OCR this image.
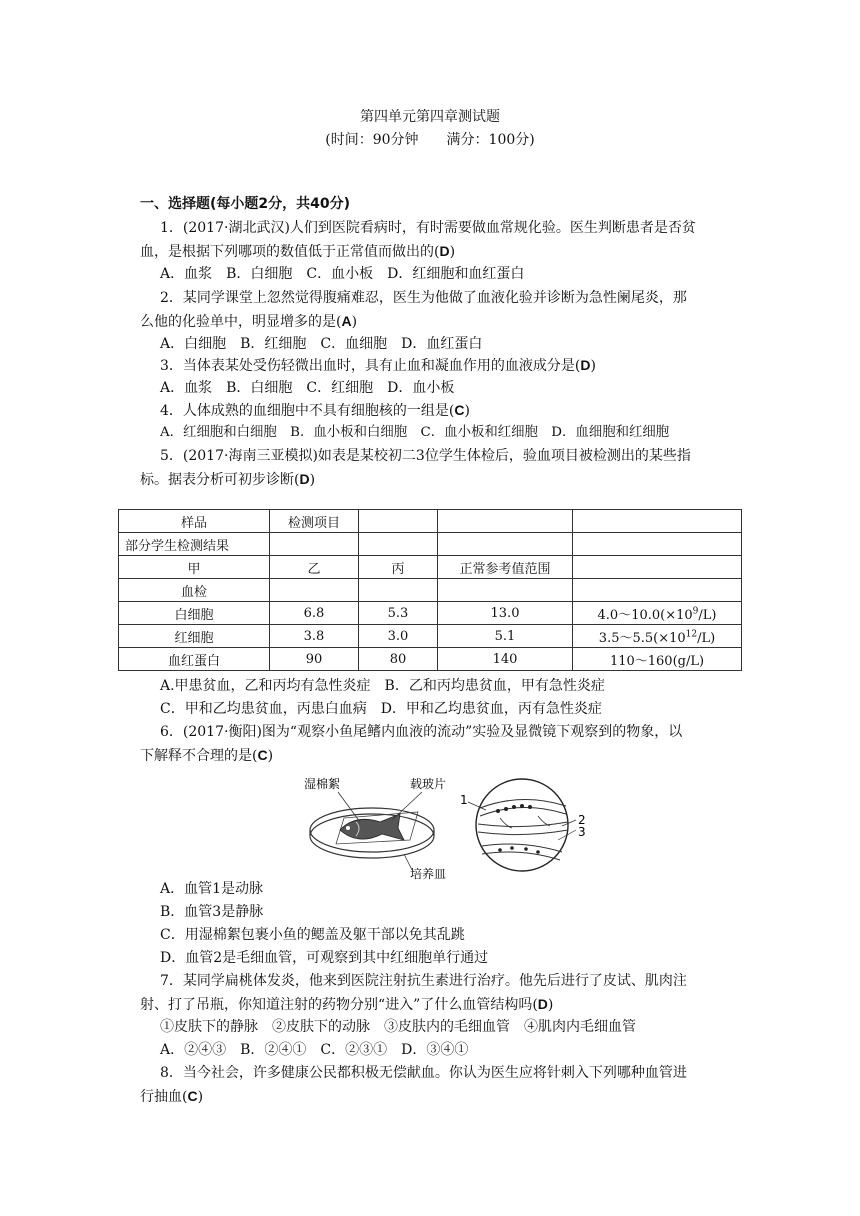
第四单元第四章测试题
(时间：90分钟　　满分：100分)
一、选择题(每小题2分，共40分)
1．(2017·湖北武汉)人们到医院看病时，有时需要做血常规化验。医生判断患者是否贫
血，是根据下列哪项的数值低于正常值而做出的(D)
A．血浆　B．白细胞　C．血小板　D．红细胞和血红蛋白
2．某同学课堂上忽然觉得腹痛难忍，医生为他做了血液化验并诊断为急性阑尾炎，那
么他的化验单中，明显增多的是(A)
A．白细胞　B．红细胞　C．血细胞　D．血红蛋白
3．当体表某处受伤轻微出血时，具有止血和凝血作用的血液成分是(D)
A．血浆　B．白细胞　C．红细胞　D．血小板
4．人体成熟的血细胞中不具有细胞核的一组是(C)
A．红细胞和白细胞　B．血小板和白细胞　C．血小板和红细胞　D．血细胞和红细胞
5．(2017·海南三亚模拟)如表是某校初二3位学生体检后，验血项目被检测出的某些指
标。据表分析可初步诊断(D)
样品	检测项目			
部分学生检测结果				
甲	乙	丙	正常参考值范围	
血检				
白细胞	6.8	5.3	13.0	$4.0\sim 10.0(\times 10^9/L)$
红细胞	3.8	3.0	5.1	$3.5\sim 5.5(\times 10^{12}/L)$
血红蛋白	90	80	140	110～160(g/L)
A.甲患贫血，乙和丙均有急性炎症　B．乙和丙均患贫血，甲有急性炎症
C．甲和乙均患贫血，丙患白血病　D．甲和乙均患贫血，丙有急性炎症
6．(2017·衡阳)图为“观察小鱼尾鳍内血液的流动”实验及显微镜下观察到的物象，以
下解释不合理的是(C)
湿棉絮	载玻片
培养皿
1
2
3
A．血管1是动脉
B．血管3是静脉
C．用湿棉絮包裹小鱼的鳃盖及躯干部以免其乱跳
D．血管2是毛细血管，可观察到其中红细胞单行通过
7．某同学扁桃体发炎，他来到医院注射抗生素进行治疗。他先后进行了皮试、肌肉注
射、打了吊瓶，你知道注射的药物分别“进入”了什么血管结构吗(D)
①皮肤下的静脉　②皮肤下的动脉　③皮肤内的毛细血管　④肌肉内毛细血管
A．②④③　B．②④①　C．②③①　D．③④①
8．当今社会，许多健康公民都积极无偿献血。你认为医生应将针刺入下列哪种血管进
行抽血(C)
